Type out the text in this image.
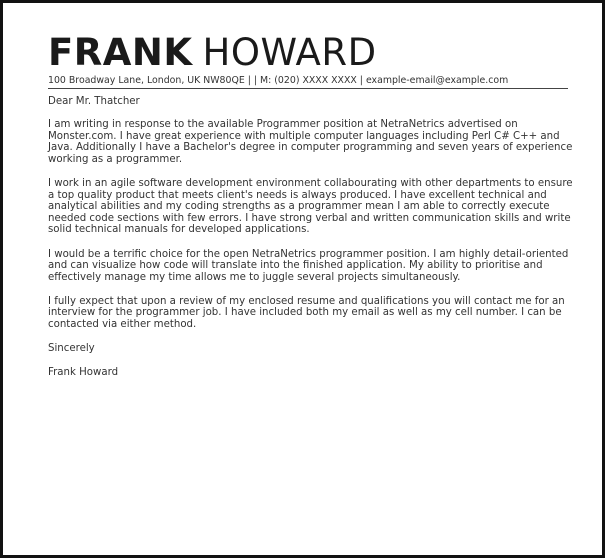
FRANK HOWARD
100 Broadway Lane, London, UK NW80QE | | M: (020) XXXX XXXX | example-email@example.com

Dear Mr. Thatcher

I am writing in response to the available Programmer position at NetraNetrics advertised on Monster.com. I have great experience with multiple computer languages including Perl C# C++ and Java. Additionally I have a Bachelor's degree in computer programming and seven years of experience working as a programmer.

I work in an agile software development environment collabourating with other departments to ensure a top quality product that meets client's needs is always produced. I have excellent technical and analytical abilities and my coding strengths as a programmer mean I am able to correctly execute needed code sections with few errors. I have strong verbal and written communication skills and write solid technical manuals for developed applications.

I would be a terrific choice for the open NetraNetrics programmer position. I am highly detail-oriented and can visualize how code will translate into the finished application. My ability to prioritise and effectively manage my time allows me to juggle several projects simultaneously.

I fully expect that upon a review of my enclosed resume and qualifications you will contact me for an interview for the programmer job. I have included both my email as well as my cell number. I can be contacted via either method.

Sincerely

Frank Howard
